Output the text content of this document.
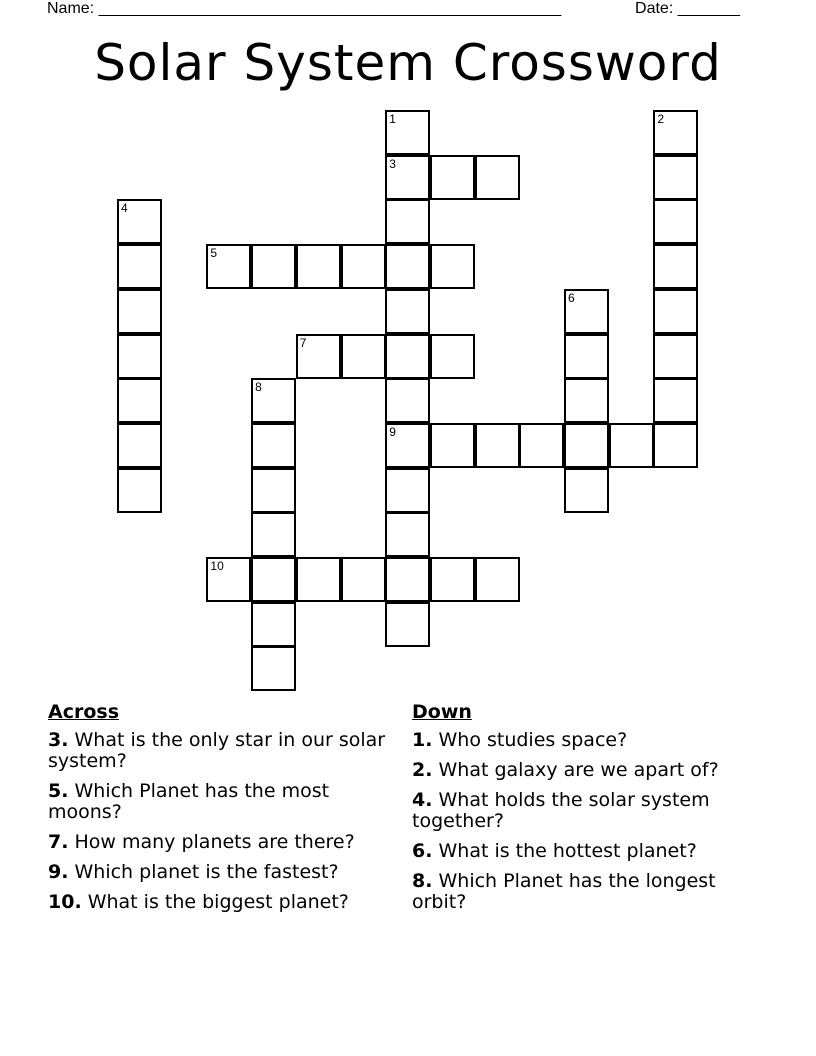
Name: ____________________________________________________	Date: _______
Solar System Crossword
1
3
9
2
4
5
6
7
8
10
Across
3. What is the only star in our solar system?
5. Which Planet has the most moons?
7. How many planets are there?
9. Which planet is the fastest?
10. What is the biggest planet?
Down
1. Who studies space?
2. What galaxy are we apart of?
4. What holds the solar system together?
6. What is the hottest planet?
8. Which Planet has the longest orbit?
